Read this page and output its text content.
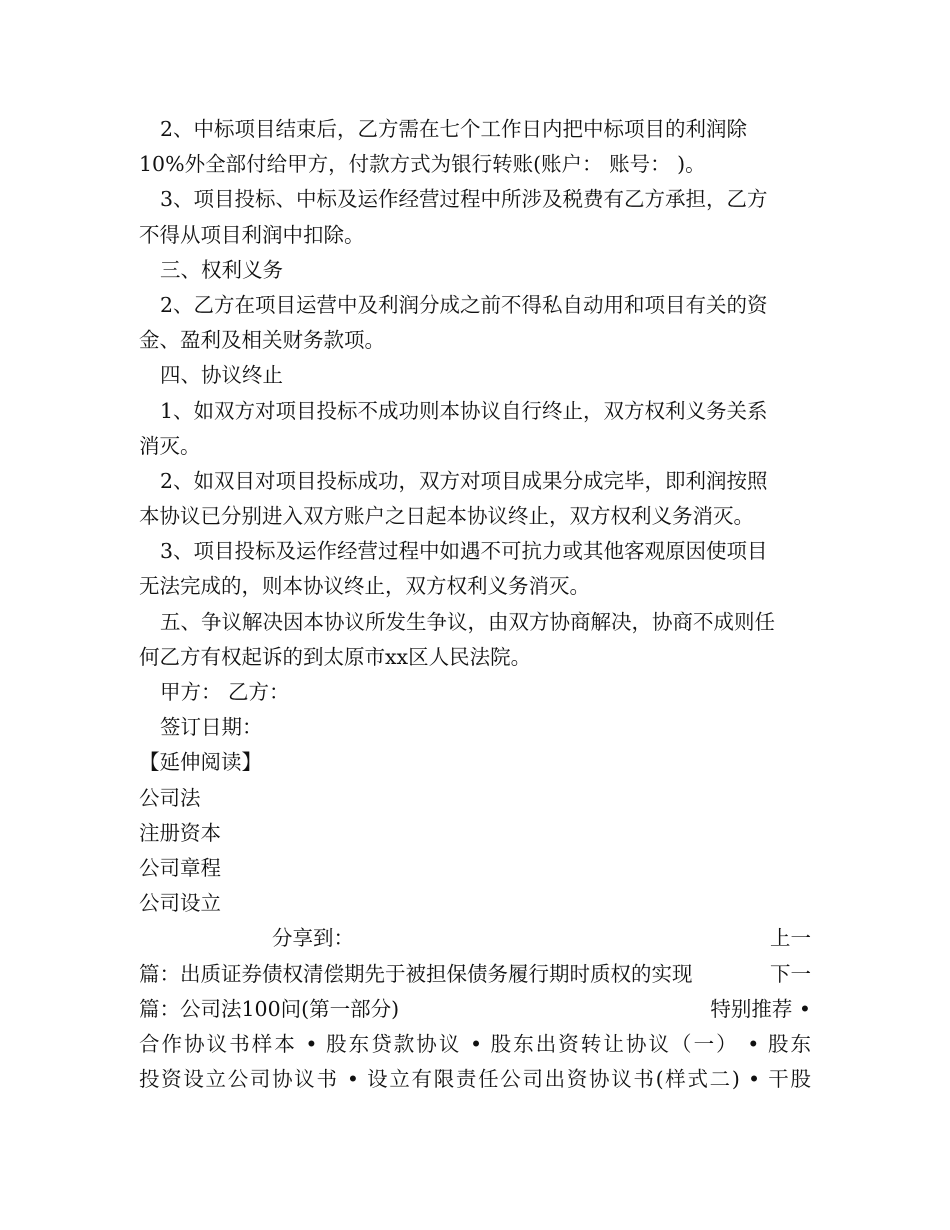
2、中标项目结束后，乙方需在七个工作日内把中标项目的利润除
10%外全部付给甲方，付款方式为银行转账(账户： 账号： )。
3、项目投标、中标及运作经营过程中所涉及税费有乙方承担，乙方
不得从项目利润中扣除。
三、权利义务
2、乙方在项目运营中及利润分成之前不得私自动用和项目有关的资
金、盈利及相关财务款项。
四、协议终止
1、如双方对项目投标不成功则本协议自行终止，双方权利义务关系
消灭。
2、如双目对项目投标成功，双方对项目成果分成完毕，即利润按照
本协议已分别进入双方账户之日起本协议终止，双方权利义务消灭。
3、项目投标及运作经营过程中如遇不可抗力或其他客观原因使项目
无法完成的，则本协议终止，双方权利义务消灭。
五、争议解决因本协议所发生争议，由双方协商解决，协商不成则任
何乙方有权起诉的到太原市xx区人民法院。
甲方： 乙方：
签订日期：
【延伸阅读】
公司法
注册资本
公司章程
公司设立
分享到：	上一
篇：出质证券债权清偿期先于被担保债务履行期时质权的实现	下一
篇：公司法100问(第一部分)	特别推荐 •
合作协议书样本 • 股东贷款协议 • 股东出资转让协议（一） • 股东
投资设立公司协议书 • 设立有限责任公司出资协议书(样式二) • 干股
